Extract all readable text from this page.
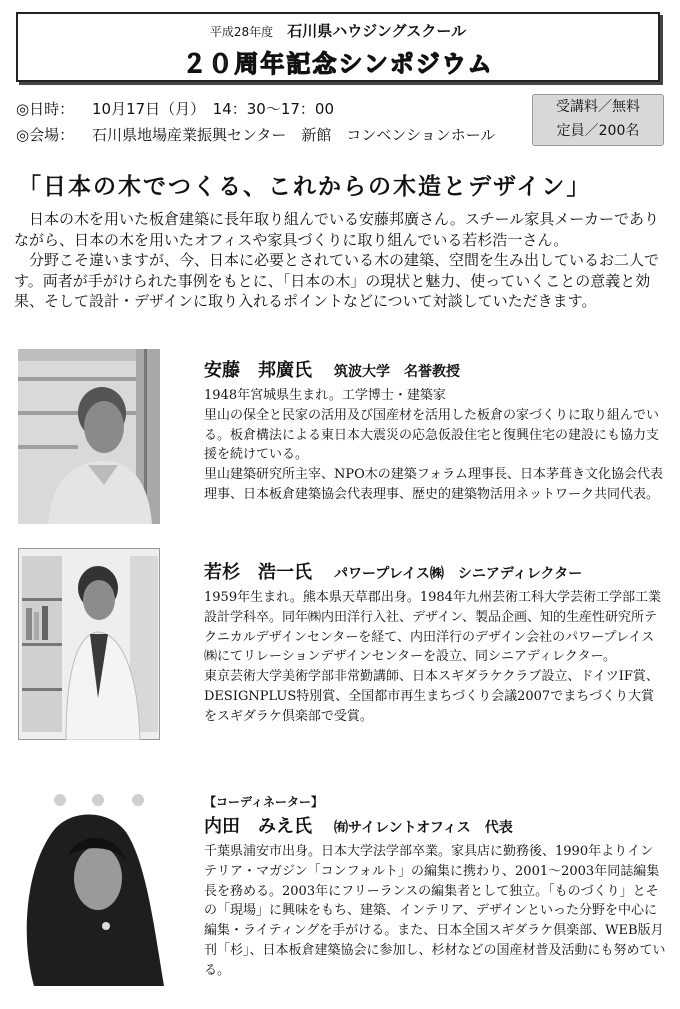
平成28年度 石川県ハウジングスクール
２０周年記念シンポジウム
◎日時： 10月17日（月）　14：30〜17：00
◎会場： 石川県地場産業振興センター　新館　コンベンションホール
受講料／無料
定員／200名
「日本の木でつくる、これからの木造とデザイン」

日本の木を用いた板倉建築に長年取り組んでいる安藤邦廣さん。スチール家具メーカーでありながら、日本の木を用いたオフィスや家具づくりに取り組んでいる若杉浩一さん。

分野こそ違いますが、今、日本に必要とされている木の建築、空間を生み出しているお二人です。両者が手がけられた事例をもとに、「日本の木」の現状と魅力、使っていくことの意義と効果、そして設計・デザインに取り入れるポイントなどについて対談していただきます。

安藤　邦廣氏 筑波大学　名誉教授

1948年宮城県生まれ。工学博士・建築家

里山の保全と民家の活用及び国産材を活用した板倉の家づくりに取り組んでいる。板倉構法による東日本大震災の応急仮設住宅と復興住宅の建設にも協力支援を続けている。

里山建築研究所主宰、NPO木の建築フォラム理事長、日本茅葺き文化協会代表理事、日本板倉建築協会代表理事、歴史的建築物活用ネットワーク共同代表。

若杉　浩一氏 パワープレイス㈱　シニアディレクター

1959年生まれ。熊本県天草郡出身。1984年九州芸術工科大学芸術工学部工業設計学科卒。同年㈱内田洋行入社、デザイン、製品企画、知的生産性研究所テクニカルデザインセンターを経て、内田洋行のデザイン会社のパワープレイス㈱にてリレーションデザインセンターを設立、同シニアディレクター。

東京芸術大学美術学部非常勤講師、日本スギダラケクラブ設立、ドイツIF賞、DESIGNPLUS特別賞、全国都市再生まちづくり会議2007でまちづくり大賞をスギダラケ倶楽部で受賞。

【コーディネーター】
内田　みえ氏 ㈲サイレントオフィス　代表

千葉県浦安市出身。日本大学法学部卒業。家具店に勤務後、1990年よりインテリア・マガジン「コンフォルト」の編集に携わり、2001〜2003年同誌編集長を務める。2003年にフリーランスの編集者として独立。「ものづくり」とその「現場」に興味をもち、建築、インテリア、デザインといった分野を中心に編集・ライティングを手がける。また、日本全国スギダラケ倶楽部、WEB版月刊「杉」、日本板倉建築協会に参加し、杉材などの国産材普及活動にも努めている。
